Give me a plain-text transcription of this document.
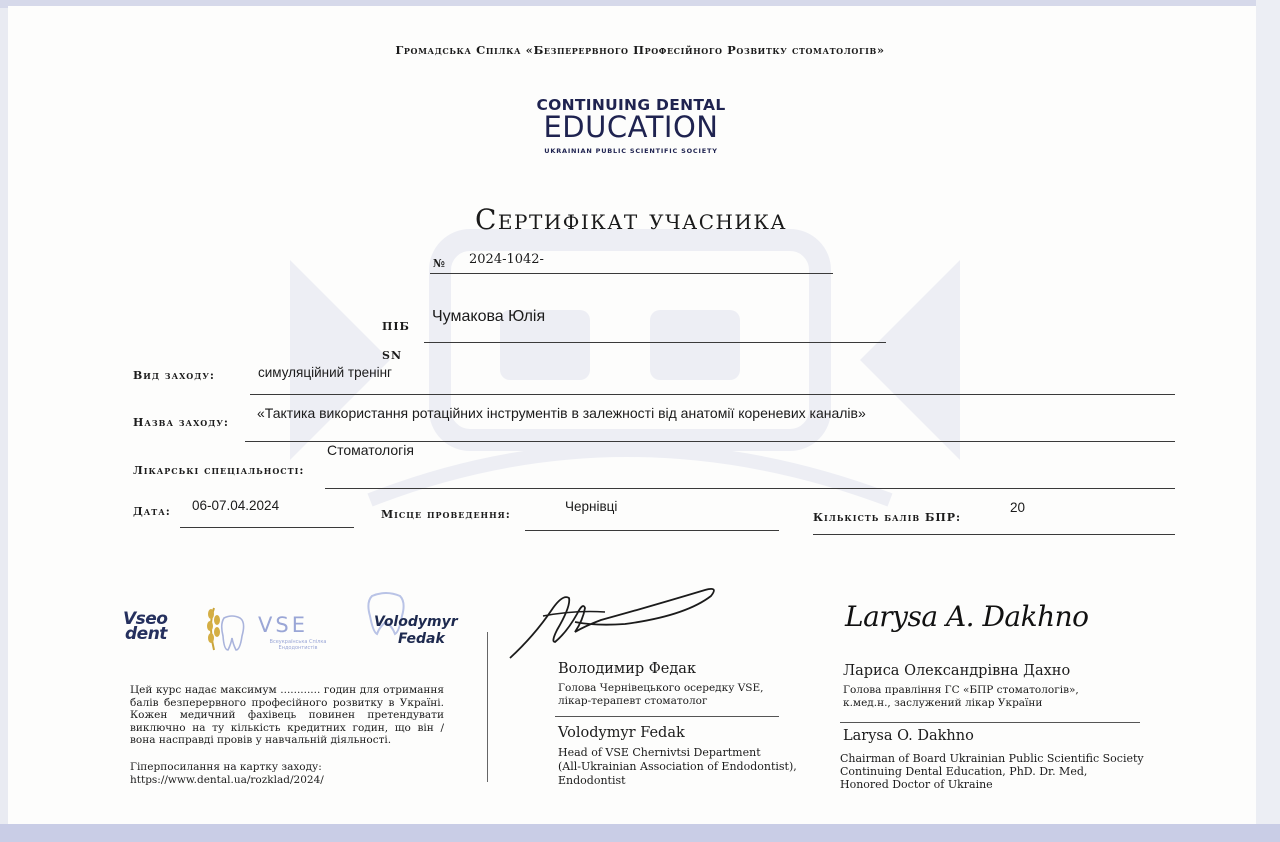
Громадська Спілка «Безперервного Професійного Розвитку стоматологів»
CONTINUING DENTAL
EDUCATION
UKRAINIAN PUBLIC SCIENTIFIC SOCIETY
Сертифікат учасника
№ 2024-1042-
Чумакова Юлія
ПІБ
SN
Вид заходу:	симуляційний тренінг
«Тактика використання ротаційних інструментів в залежності від анатомії кореневих каналів»
Назва заходу:
Стоматологія
Лікарські спеціальності:
Дата: 06-07.04.2024
Місце проведення:
Чернівці
Кількість балів БПР:
20
Vseo
dent	VSE
Всеукраїнська Спілка
Ендодонтистів
Volodymyr
Fedak
Цей курс надає максимум ............ годин для отримання балів безперервного професійного розвитку в Україні. Кожен медичний фахівець повинен претендувати виключно на ту кількість кредитних годин, що він / вона насправді провів у навчальній діяльності.
Гіперпосилання на картку заходу:
https://www.dental.ua/rozklad/2024/
Володимир Федак
Голова Чернівецького осередку VSE,
лікар-терапевт стоматолог
Volodymyr Fedak
Head of VSE Chernivtsi Department
(All-Ukrainian Association of Endodontist),
Endodontist
Larysa A. Dakhno
Лариса Олександрівна Дахно
Голова правління ГС «БПР стоматологів»,
к.мед.н., заслужений лікар України
Larysa O. Dakhno
Chairman of Board Ukrainian Public Scientific Society
Continuing Dental Education, PhD. Dr. Med,
Honored Doctor of Ukraine
